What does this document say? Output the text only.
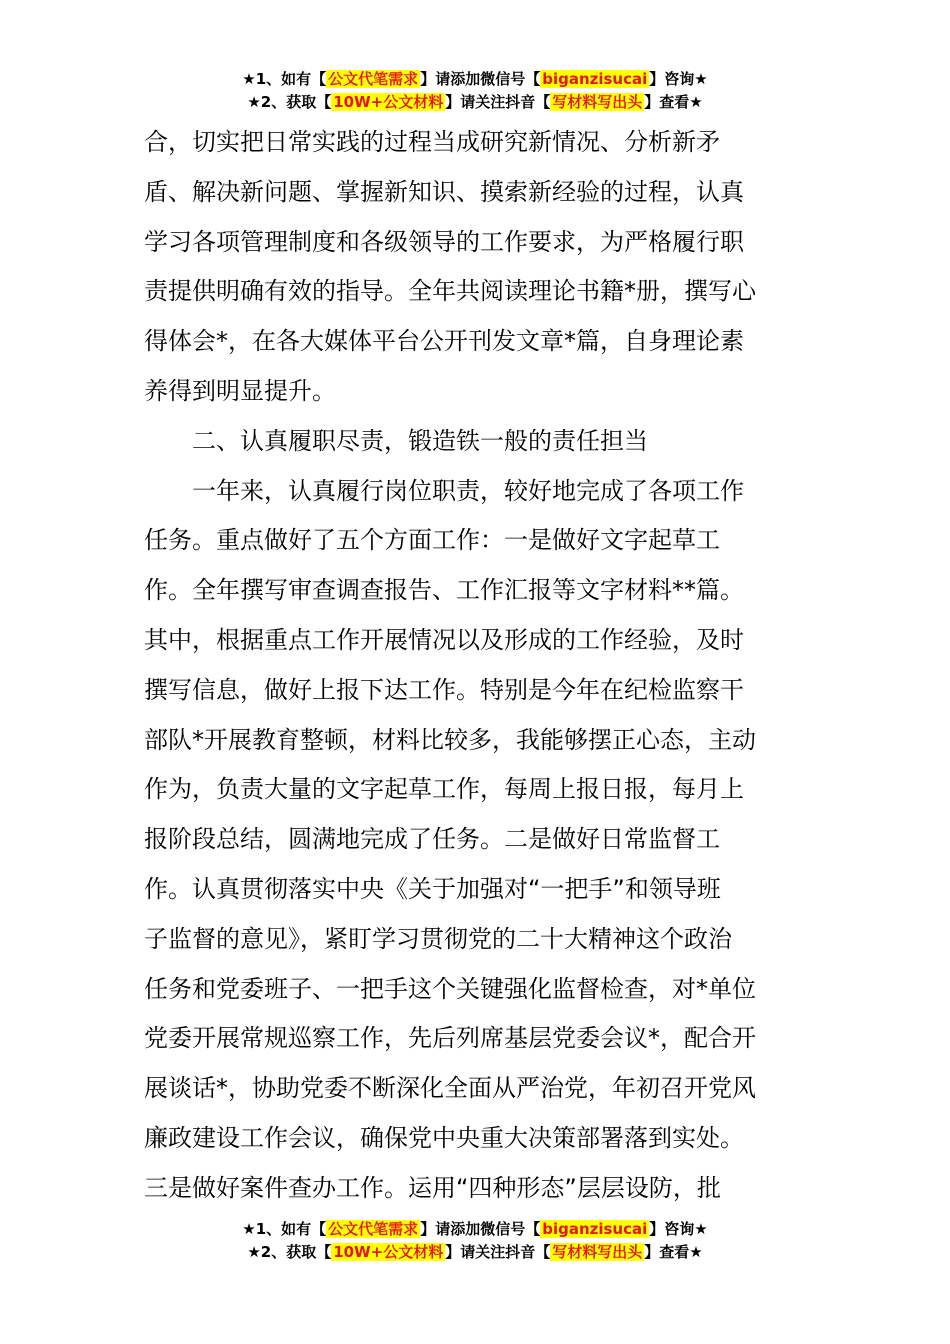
★1、如有【 公文代笔需求 】请添加微信号【 biganzisucai 】咨询★
★2、获取【 10W+公文材料 】请关注抖音【 写材料写出头 】查看★
合，切实把日常实践的过程当成研究新情况、分析新矛
盾、解决新问题、掌握新知识、摸索新经验的过程，认真
学习各项管理制度和各级领导的工作要求，为严格履行职
责提供明确有效的指导。全年共阅读理论书籍*册，撰写心
得体会*，在各大媒体平台公开刊发文章*篇，自身理论素
养得到明显提升。
二、认真履职尽责，锻造铁一般的责任担当
一年来，认真履行岗位职责，较好地完成了各项工作
任务。重点做好了五个方面工作：一是做好文字起草工
作。全年撰写审查调查报告、工作汇报等文字材料**篇。
其中，根据重点工作开展情况以及形成的工作经验，及时
撰写信息，做好上报下达工作。特别是今年在纪检监察干
部队*开展教育整顿，材料比较多，我能够摆正心态，主动
作为，负责大量的文字起草工作，每周上报日报，每月上
报阶段总结，圆满地完成了任务。二是做好日常监督工
作。认真贯彻落实中央《关于加强对“一把手”和领导班
子监督的意见》，紧盯学习贯彻党的二十大精神这个政治
任务和党委班子、一把手这个关键强化监督检查，对*单位
党委开展常规巡察工作，先后列席基层党委会议*，配合开
展谈话*，协助党委不断深化全面从严治党，年初召开党风
廉政建设工作会议，确保党中央重大决策部署落到实处。
三是做好案件查办工作。运用“四种形态”层层设防，批
★1、如有【 公文代笔需求 】请添加微信号【 biganzisucai 】咨询★
★2、获取【 10W+公文材料 】请关注抖音【 写材料写出头 】查看★
